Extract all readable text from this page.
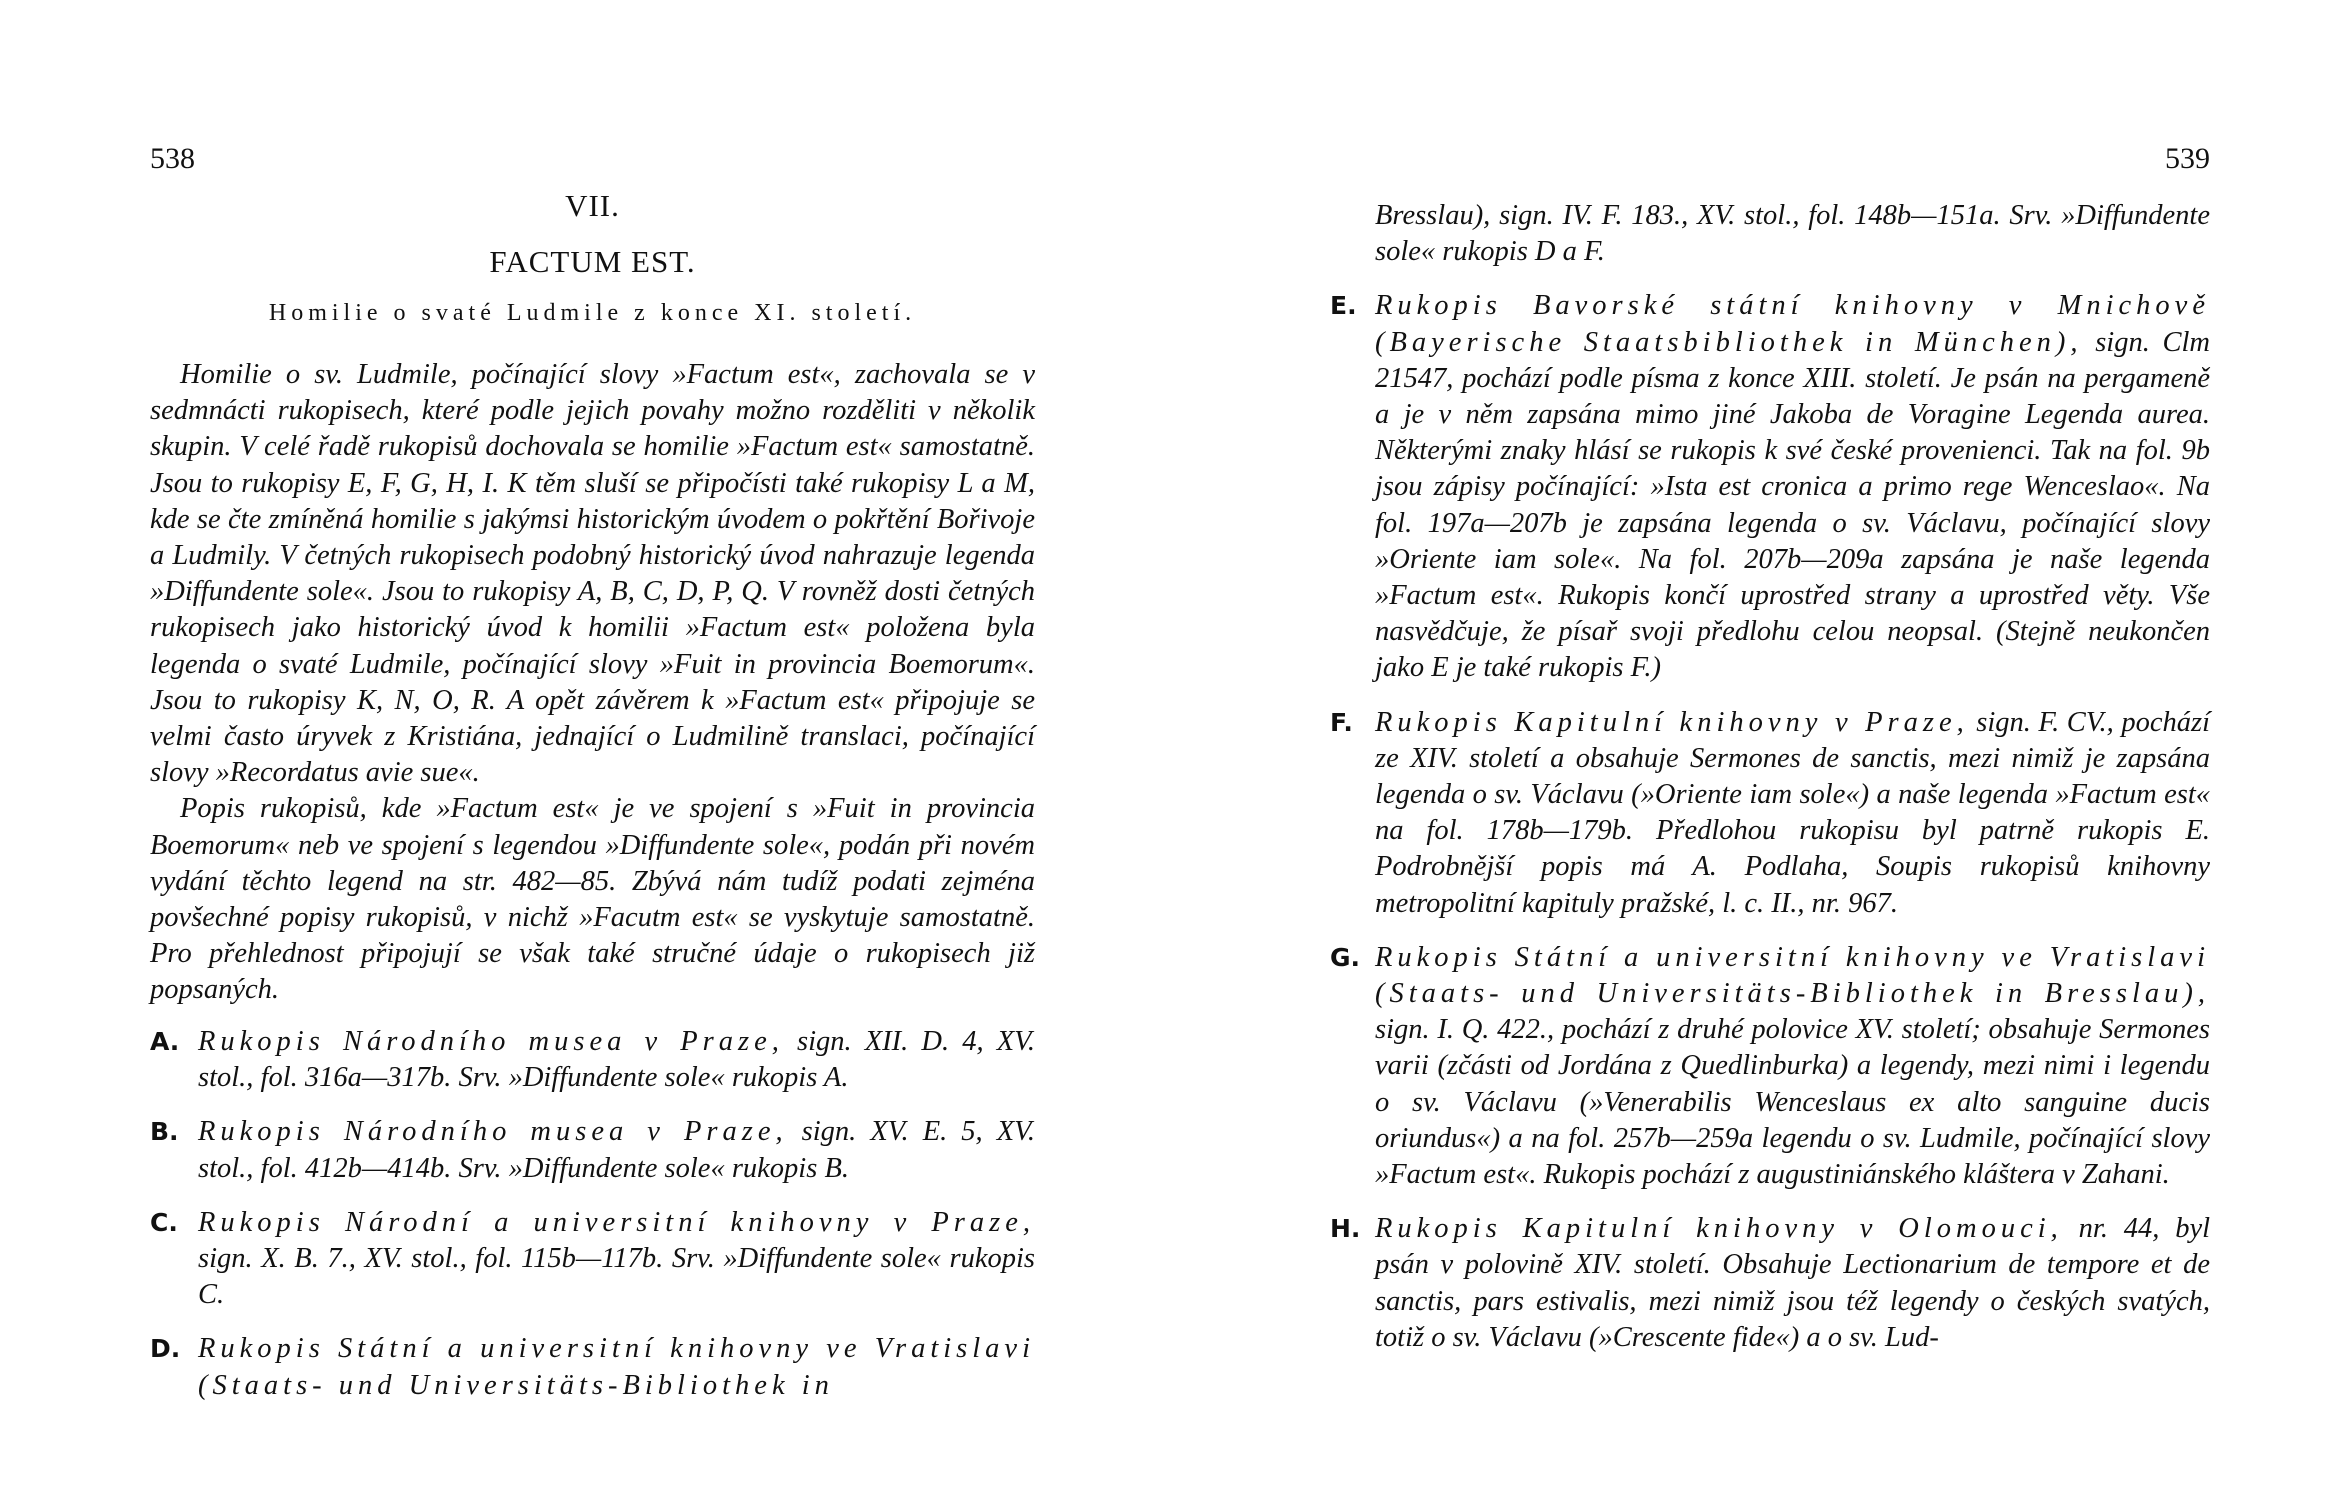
538
VII.
FACTUM EST.
Homilie o svaté Ludmile z konce XI. století.

Homilie o sv. Ludmile, počínající slovy »Factum est«, zachovala se v sedmnácti rukopisech, které podle jejich povahy možno rozděliti v několik skupin. V celé řadě rukopisů dochovala se homilie »Factum est« samostatně. Jsou to rukopisy E, F, G, H, I. K těm sluší se připočísti také rukopisy L a M, kde se čte zmíněná homilie s jakýmsi historickým úvodem o pokřtění Bořivoje a Ludmily. V četných rukopisech podobný historický úvod nahrazuje legenda »Diffundente sole«. Jsou to rukopisy A, B, C, D, P, Q. V rovněž dosti četných rukopisech jako historický úvod k homilii »Factum est« položena byla legenda o svaté Ludmile, počínající slovy »Fuit in provincia Boemorum«. Jsou to rukopisy K, N, O, R. A opět závěrem k »Factum est« připojuje se velmi často úryvek z Kristiána, jednající o Ludmilině translaci, počínající slovy »Recordatus avie sue«.

Popis rukopisů, kde »Factum est« je ve spojení s »Fuit in provincia Boemorum« neb ve spojení s legendou »Diffundente sole«, podán při novém vydání těchto legend na str. 482—85. Zbývá nám tudíž podati zejména povšechné popisy rukopisů, v nichž »Facutm est« se vyskytuje samostatně. Pro přehlednost připojují se však také stručné údaje o rukopisech již popsaných.

A. Rukopis Národního musea v Praze, sign. XII. D. 4, XV. stol., fol. 316a—317b. Srv. »Diffundente sole« rukopis A.
B. Rukopis Národního musea v Praze, sign. XV. E. 5, XV. stol., fol. 412b—414b. Srv. »Diffundente sole« rukopis B.
C. Rukopis Národní a universitní knihovny v Praze, sign. X. B. 7., XV. stol., fol. 115b—117b. Srv. »Diffundente sole« rukopis C.
D. Rukopis Státní a universitní knihovny ve Vratislavi (Staats- und Universitäts-Bibliothek in
539
Bresslau), sign. IV. F. 183., XV. stol., fol. 148b—151a. Srv. »Diffundente sole« rukopis D a F.
E. Rukopis Bavorské státní knihovny v Mnichově (Bayerische Staatsbibliothek in München), sign. Clm 21547, pochází podle písma z konce XIII. století. Je psán na pergameně a je v něm zapsána mimo jiné Jakoba de Voragine Legenda aurea. Některými znaky hlásí se rukopis k své české provenienci. Tak na fol. 9b jsou zápisy počínající: »Ista est cronica a primo rege Wenceslao«. Na fol. 197a—207b je zapsána legenda o sv. Václavu, počínající slovy »Oriente iam sole«. Na fol. 207b—209a zapsána je naše legenda »Factum est«. Rukopis končí uprostřed strany a uprostřed věty. Vše nasvědčuje, že písař svoji předlohu celou neopsal. (Stejně neukončen jako E je také rukopis F.)
F. Rukopis Kapitulní knihovny v Praze, sign. F. CV., pochází ze XIV. století a obsahuje Sermones de sanctis, mezi nimiž je zapsána legenda o sv. Václavu (»Oriente iam sole«) a naše legenda »Factum est« na fol. 178b—179b. Předlohou rukopisu byl patrně rukopis E. Podrobnější popis má A. Podlaha, Soupis rukopisů knihovny metropolitní kapituly pražské, l. c. II., nr. 967.
G. Rukopis Státní a universitní knihovny ve Vratislavi (Staats- und Universitäts-Bibliothek in Bresslau), sign. I. Q. 422., pochází z druhé polovice XV. století; obsahuje Sermones varii (zčásti od Jordána z Quedlinburka) a legendy, mezi nimi i legendu o sv. Václavu (»Venerabilis Wenceslaus ex alto sanguine ducis oriundus«) a na fol. 257b—259a legendu o sv. Ludmile, počínající slovy »Factum est«. Rukopis pochází z augustiniánského kláštera v Zahani.
H. Rukopis Kapitulní knihovny v Olomouci, nr. 44, byl psán v polovině XIV. století. Obsahuje Lectionarium de tempore et de sanctis, pars estivalis, mezi nimiž jsou též legendy o českých svatých, totiž o sv. Václavu (»Crescente fide«) a o sv. Lud-
